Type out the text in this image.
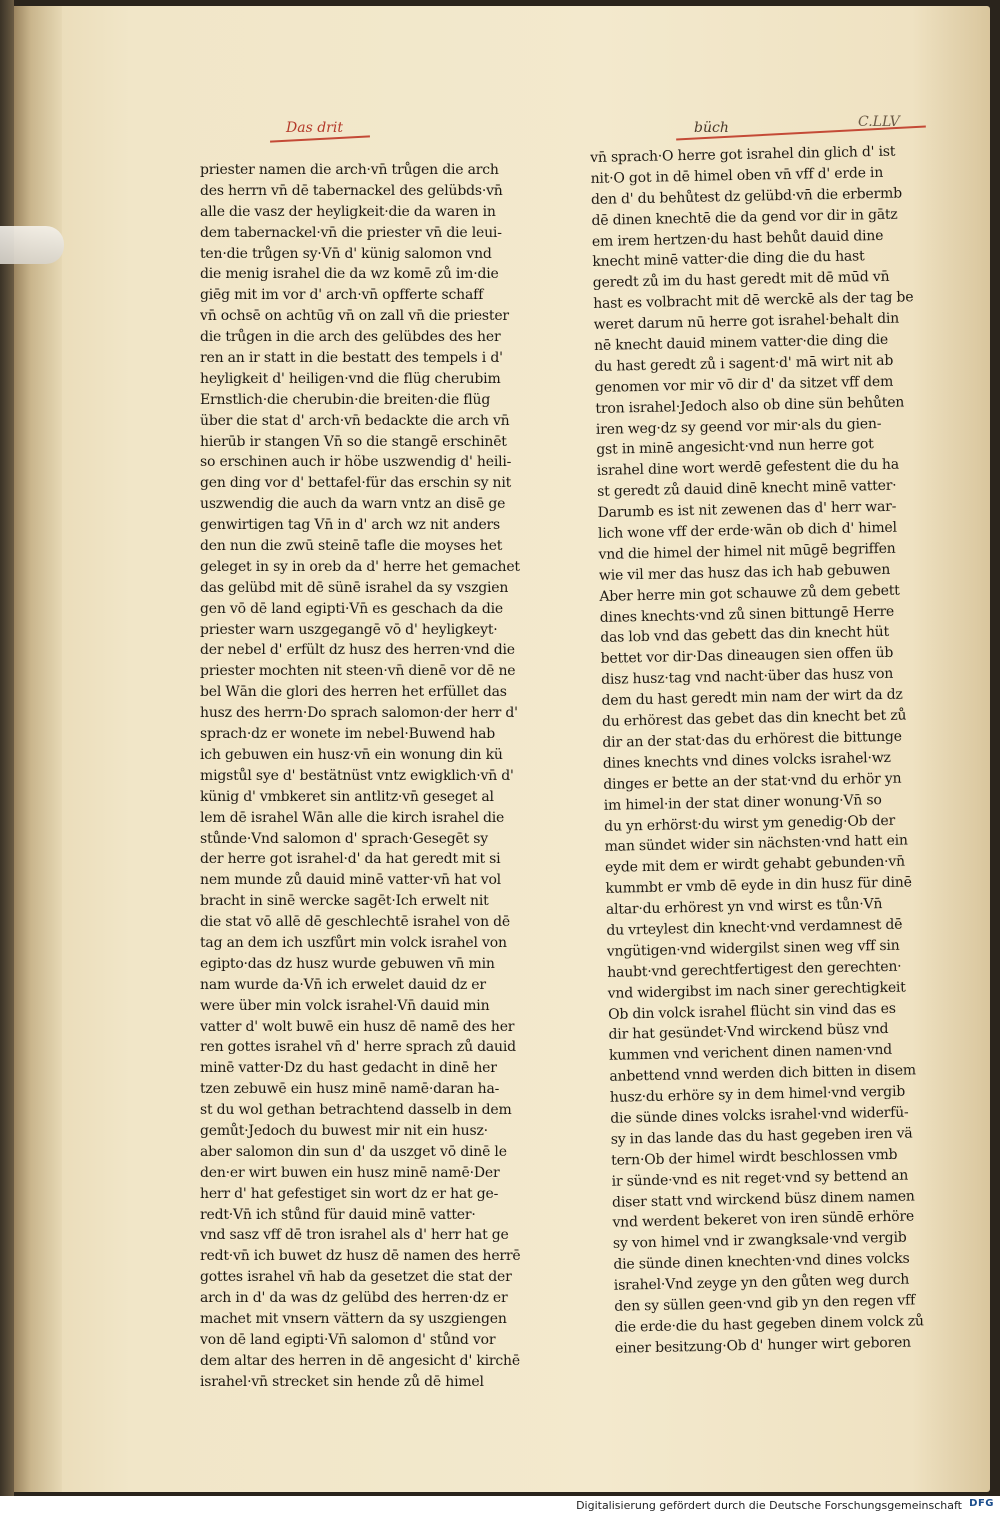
Das drit	büch	C.LLV
priester namen die arch·vn̄ trůgen die arch
des herrn vn̄ dē tabernackel des gelübds·vn̄
alle die vasz der heyligkeit·die da waren in
dem tabernackel·vn̄ die priester vn̄ die leui-
ten·die trůgen sy·Vn̄ d' künig salomon vnd
die menig israhel die da wz komē zů im·die
giēg mit im vor d' arch·vn̄ opfferte schaff
vn̄ ochsē on achtūg vn̄ on zall vn̄ die priester
die trůgen in die arch des gelübdes des her
ren an ir statt in die bestatt des tempels i d'
heyligkeit d' heiligen·vnd die flüg cherubim
Ernstlich·die cherubin·die breiten·die flüg
über die stat d' arch·vn̄ bedackte die arch vn̄
hierūb ir stangen Vn̄ so die stangē erschinēt
so erschinen auch ir höbe uszwendig d' heili-
gen ding vor d' bettafel·für das erschin sy nit
uszwendig die auch da warn vntz an disē ge
genwirtigen tag Vn̄ in d' arch wz nit anders
den nun die zwū steinē tafle die moyses het
geleget in sy in oreb da d' herre het gemachet
das gelübd mit dē sünē israhel da sy vszgien
gen vō dē land egipti·Vn̄ es geschach da die
priester warn uszgegangē vō d' heyligkeyt·
der nebel d' erfült dz husz des herren·vnd die
priester mochten nit steen·vn̄ dienē vor dē ne
bel Wān die glori des herren het erfüllet das
husz des herrn·Do sprach salomon·der herr d'
sprach·dz er wonete im nebel·Buwend hab
ich gebuwen ein husz·vn̄ ein wonung din kü
migstůl sye d' bestätnüst vntz ewigklich·vn̄ d'
künig d' vmbkeret sin antlitz·vn̄ geseget al
lem dē israhel Wān alle die kirch israhel die
stůnde·Vnd salomon d' sprach·Gesegēt sy
der herre got israhel·d' da hat geredt mit si
nem munde zů dauid minē vatter·vn̄ hat vol
bracht in sinē wercke sagēt·Ich erwelt nit
die stat vō allē dē geschlechtē israhel von dē
tag an dem ich uszfůrt min volck israhel von
egipto·das dz husz wurde gebuwen vn̄ min
nam wurde da·Vn̄ ich erwelet dauid dz er
were über min volck israhel·Vn̄ dauid min
vatter d' wolt buwē ein husz dē namē des her
ren gottes israhel vn̄ d' herre sprach zů dauid
minē vatter·Dz du hast gedacht in dinē her
tzen zebuwē ein husz minē namē·daran ha-
st du wol gethan betrachtend dasselb in dem
gemůt·Jedoch du buwest mir nit ein husz·
aber salomon din sun d' da uszget vō dinē le
den·er wirt buwen ein husz minē namē·Der
herr d' hat gefestiget sin wort dz er hat ge-
redt·Vn̄ ich stůnd für dauid minē vatter·
vnd sasz vff dē tron israhel als d' herr hat ge
redt·vn̄ ich buwet dz husz dē namen des herrē
gottes israhel vn̄ hab da gesetzet die stat der
arch in d' da was dz gelübd des herren·dz er
machet mit vnsern vättern da sy uszgiengen
von dē land egipti·Vn̄ salomon d' stůnd vor
dem altar des herren in dē angesicht d' kirchē
israhel·vn̄ strecket sin hende zů dē himel
vn̄ sprach·O herre got israhel din glich d' ist
nit·O got in dē himel oben vn̄ vff d' erde in
den d' du behůtest dz gelübd·vn̄ die erbermb
dē dinen knechtē die da gend vor dir in gātz
em irem hertzen·du hast behůt dauid dine
knecht minē vatter·die ding die du hast
geredt zů im du hast geredt mit dē mūd vn̄
hast es volbracht mit dē werckē als der tag be
weret darum nū herre got israhel·behalt din
nē knecht dauid minem vatter·die ding die
du hast geredt zů i sagent·d' mā wirt nit ab
genomen vor mir vō dir d' da sitzet vff dem
tron israhel·Jedoch also ob dine sün behůten
iren weg·dz sy geend vor mir·als du gien-
gst in minē angesicht·vnd nun herre got
israhel dine wort werdē gefestent die du ha
st geredt zů dauid dinē knecht minē vatter·
Darumb es ist nit zewenen das d' herr war-
lich wone vff der erde·wān ob dich d' himel
vnd die himel der himel nit mūgē begriffen
wie vil mer das husz das ich hab gebuwen
Aber herre min got schauwe zů dem gebett
dines knechts·vnd zů sinen bittungē Herre
das lob vnd das gebett das din knecht hüt
bettet vor dir·Das dineaugen sien offen üb
disz husz·tag vnd nacht·über das husz von
dem du hast geredt min nam der wirt da dz
du erhörest das gebet das din knecht bet zů
dir an der stat·das du erhörest die bittunge
dines knechts vnd dines volcks israhel·wz
dinges er bette an der stat·vnd du erhör yn
im himel·in der stat diner wonung·Vn̄ so
du yn erhörst·du wirst ym genedig·Ob der
man sündet wider sin nächsten·vnd hatt ein
eyde mit dem er wirdt gehabt gebunden·vn̄
kummbt er vmb dē eyde in din husz für dinē
altar·du erhörest yn vnd wirst es tůn·Vn̄
du vrteylest din knecht·vnd verdamnest dē
vngütigen·vnd widergilst sinen weg vff sin
haubt·vnd gerechtfertigest den gerechten·
vnd widergibst im nach siner gerechtigkeit
Ob din volck israhel flücht sin vind das es
dir hat gesündet·Vnd wirckend büsz vnd
kummen vnd verichent dinen namen·vnd
anbettend vnnd werden dich bitten in disem
husz·du erhöre sy in dem himel·vnd vergib
die sünde dines volcks israhel·vnd widerfü-
sy in das lande das du hast gegeben iren vä
tern·Ob der himel wirdt beschlossen vmb
ir sünde·vnd es nit reget·vnd sy bettend an
diser statt vnd wirckend büsz dinem namen
vnd werdent bekeret von iren sündē erhöre
sy von himel vnd ir zwangksale·vnd vergib
die sünde dinen knechten·vnd dines volcks
israhel·Vnd zeyge yn den gůten weg durch
den sy süllen geen·vnd gib yn den regen vff
die erde·die du hast gegeben dinem volck zů
einer besitzung·Ob d' hunger wirt geboren
Digitalisierung gefördert durch die Deutsche Forschungsgemeinschaft DFG
